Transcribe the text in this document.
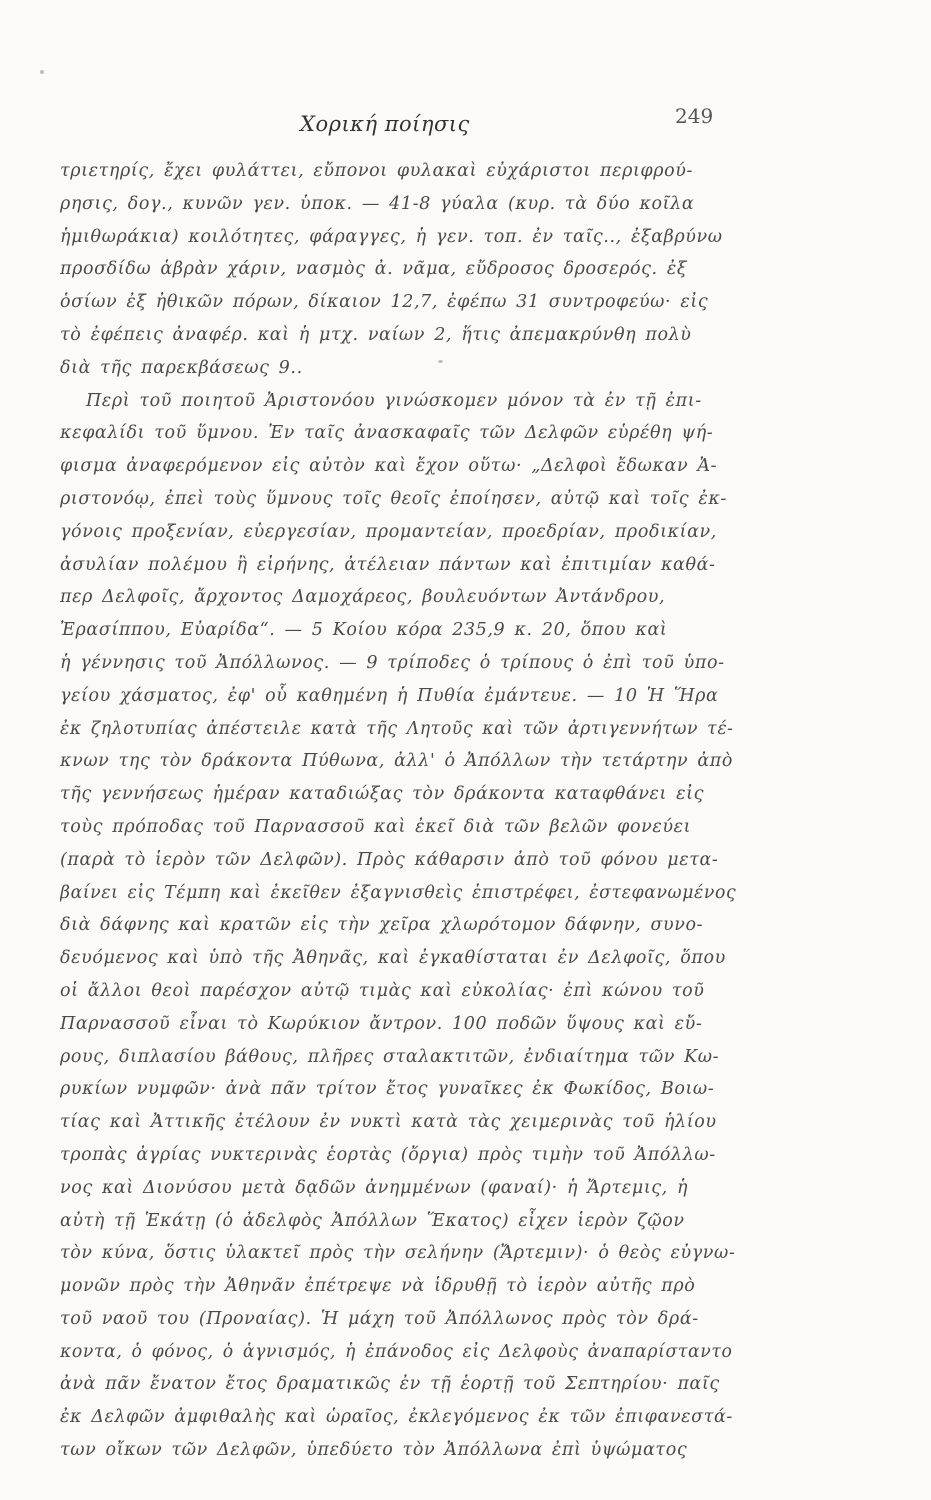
Χορική ποίησις	249
τριετηρίς, ἔχει φυλάττει, εὔπονοι φυλακαὶ εὐχάριστοι περιφρού-
ρησις, δογ., κυνῶν γεν. ὑποκ. — 41-8 γύαλα (κυρ. τὰ δύο κοῖλα
ἡμιθωράκια) κοιλότητες, φάραγγες, ἡ γεν. τοπ. ἐν ταῖς.., ἐξαβρύνω
προσδίδω ἁβρὰν χάριν, νασμὸς ἀ. νᾶμα, εὔδροσος δροσερός. ἐξ
ὁσίων ἐξ ἠθικῶν πόρων, δίκαιον 12,7, ἐφέπω 31 συντροφεύω· εἰς
τὸ ἐφέπεις ἀναφέρ. καὶ ἡ μτχ. ναίων 2, ἥτις ἀπεμακρύνθη πολὺ
διὰ τῆς παρεκβάσεως 9..
Περὶ τοῦ ποιητοῦ Ἀριστονόου γινώσκομεν μόνον τὰ ἐν τῇ ἐπι-
κεφαλίδι τοῦ ὕμνου. Ἐν ταῖς ἀνασκαφαῖς τῶν Δελφῶν εὑρέθη ψή-
φισμα ἀναφερόμενον εἰς αὐτὸν καὶ ἔχον οὕτω· „Δελφοὶ ἔδωκαν Ἀ-
ριστονόῳ, ἐπεὶ τοὺς ὕμνους τοῖς θεοῖς ἐποίησεν, αὐτῷ καὶ τοῖς ἐκ-
γόνοις προξενίαν, εὐεργεσίαν, προμαντείαν, προεδρίαν, προδικίαν,
ἀσυλίαν πολέμου ἢ εἰρήνης, ἀτέλειαν πάντων καὶ ἐπιτιμίαν καθά-
περ Δελφοῖς, ἄρχοντος Δαμοχάρεος, βουλευόντων Ἀντάνδρου,
Ἐρασίππου, Εὐαρίδα“. — 5 Κοίου κόρα 235,9 κ. 20, ὅπου καὶ
ἡ γέννησις τοῦ Ἀπόλλωνος. — 9 τρίποδες ὁ τρίπους ὁ ἐπὶ τοῦ ὑπο-
γείου χάσματος, ἐφ' οὗ καθημένη ἡ Πυθία ἐμάντευε. — 10 Ἡ Ἥρα
ἐκ ζηλοτυπίας ἀπέστειλε κατὰ τῆς Λητοῦς καὶ τῶν ἀρτιγεννήτων τέ-
κνων της τὸν δράκοντα Πύθωνα, ἀλλ' ὁ Ἀπόλλων τὴν τετάρτην ἀπὸ
τῆς γεννήσεως ἡμέραν καταδιώξας τὸν δράκοντα καταφθάνει εἰς
τοὺς πρόποδας τοῦ Παρνασσοῦ καὶ ἐκεῖ διὰ τῶν βελῶν φονεύει
(παρὰ τὸ ἱερὸν τῶν Δελφῶν). Πρὸς κάθαρσιν ἀπὸ τοῦ φόνου μετα-
βαίνει εἰς Τέμπη καὶ ἐκεῖθεν ἐξαγνισθεὶς ἐπιστρέφει, ἐστεφανωμένος
διὰ δάφνης καὶ κρατῶν εἰς τὴν χεῖρα χλωρότομον δάφνην, συνο-
δευόμενος καὶ ὑπὸ τῆς Ἀθηνᾶς, καὶ ἐγκαθίσταται ἐν Δελφοῖς, ὅπου
οἱ ἄλλοι θεοὶ παρέσχον αὐτῷ τιμὰς καὶ εὐκολίας· ἐπὶ κώνου τοῦ
Παρνασσοῦ εἶναι τὸ Κωρύκιον ἄντρον. 100 ποδῶν ὕψους καὶ εὔ-
ρους, διπλασίου βάθους, πλῆρες σταλακτιτῶν, ἐνδιαίτημα τῶν Κω-
ρυκίων νυμφῶν· ἀνὰ πᾶν τρίτον ἔτος γυναῖκες ἐκ Φωκίδος, Βοιω-
τίας καὶ Ἀττικῆς ἐτέλουν ἐν νυκτὶ κατὰ τὰς χειμερινὰς τοῦ ἡλίου
τροπὰς ἀγρίας νυκτερινὰς ἑορτὰς (ὄργια) πρὸς τιμὴν τοῦ Ἀπόλλω-
νος καὶ Διονύσου μετὰ δᾳδῶν ἀνημμένων (φαναί)· ἡ Ἄρτεμις, ἡ
αὐτὴ τῇ Ἑκάτῃ (ὁ ἀδελφὸς Ἀπόλλων Ἕκατος) εἶχεν ἱερὸν ζῷον
τὸν κύνα, ὅστις ὑλακτεῖ πρὸς τὴν σελήνην (Ἄρτεμιν)· ὁ θεὸς εὐγνω-
μονῶν πρὸς τὴν Ἀθηνᾶν ἐπέτρεψε νὰ ἱδρυθῇ τὸ ἱερὸν αὐτῆς πρὸ
τοῦ ναοῦ του (Προναίας). Ἡ μάχη τοῦ Ἀπόλλωνος πρὸς τὸν δρά-
κοντα, ὁ φόνος, ὁ ἁγνισμός, ἡ ἐπάνοδος εἰς Δελφοὺς ἀναπαρίσταντο
ἀνὰ πᾶν ἔνατον ἔτος δραματικῶς ἐν τῇ ἑορτῇ τοῦ Σεπτηρίου· παῖς
ἐκ Δελφῶν ἀμφιθαλὴς καὶ ὡραῖος, ἐκλεγόμενος ἐκ τῶν ἐπιφανεστά-
των οἴκων τῶν Δελφῶν, ὑπεδύετο τὸν Ἀπόλλωνα ἐπὶ ὑψώματος
